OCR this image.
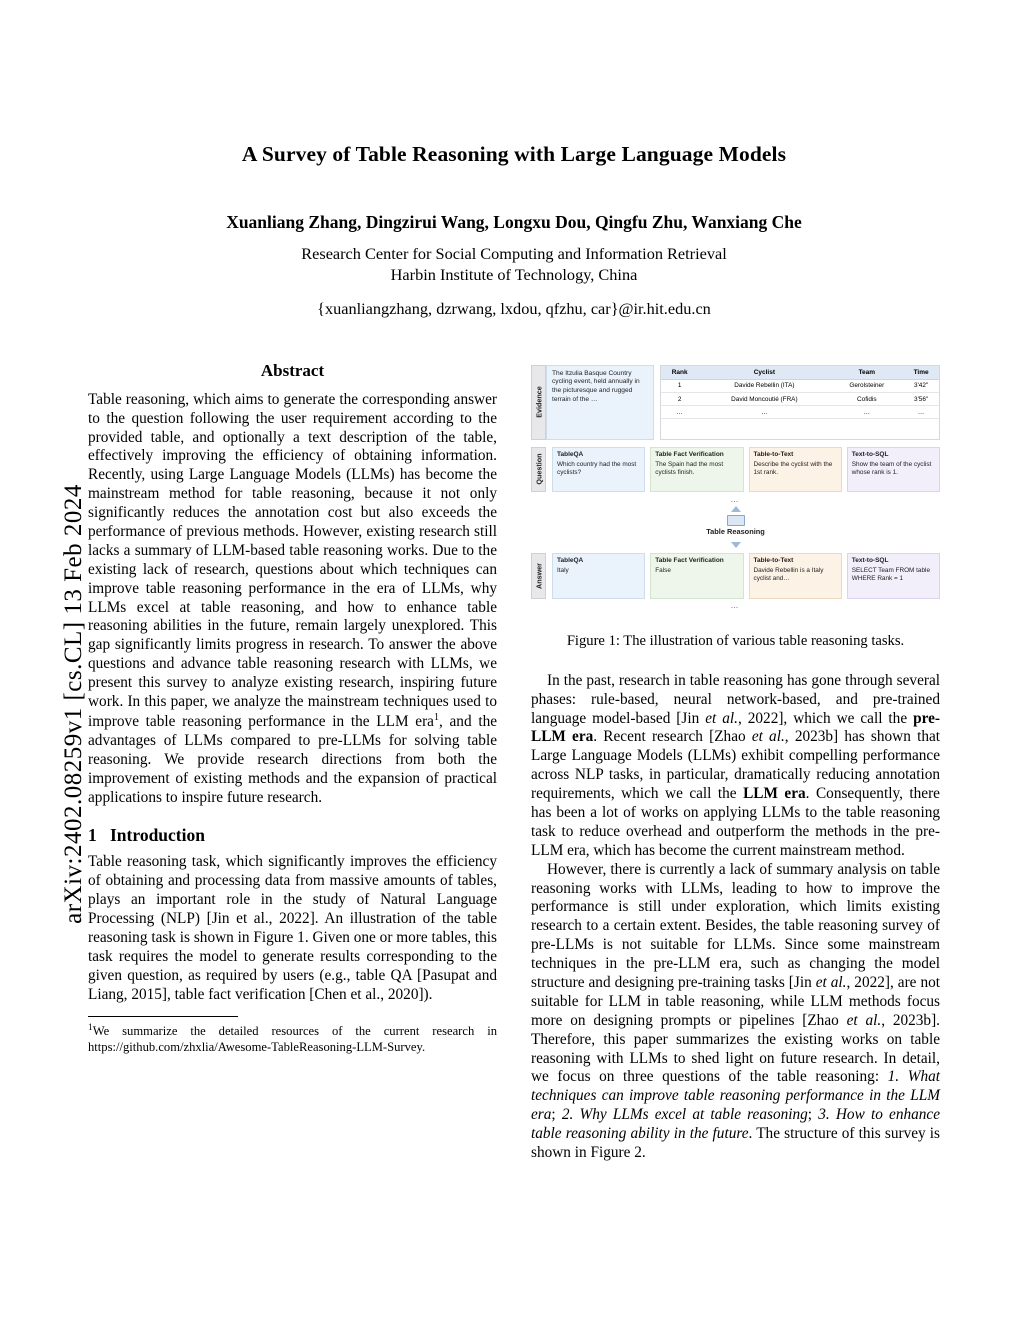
arXiv:2402.08259v1 [cs.CL] 13 Feb 2024
A Survey of Table Reasoning with Large Language Models
Xuanliang Zhang, Dingzirui Wang, Longxu Dou, Qingfu Zhu, Wanxiang Che
Research Center for Social Computing and Information Retrieval
Harbin Institute of Technology, China
{xuanliangzhang, dzrwang, lxdou, qfzhu, car}@ir.hit.edu.cn
Abstract

Table reasoning, which aims to generate the corresponding answer to the question following the user requirement according to the provided table, and optionally a text description of the table, effectively improving the efficiency of obtaining information. Recently, using Large Language Models (LLMs) has become the mainstream method for table reasoning, because it not only significantly reduces the annotation cost but also exceeds the performance of previous methods. However, existing research still lacks a summary of LLM-based table reasoning works. Due to the existing lack of research, questions about which techniques can improve table reasoning performance in the era of LLMs, why LLMs excel at table reasoning, and how to enhance table reasoning abilities in the future, remain largely unexplored. This gap significantly limits progress in research. To answer the above questions and advance table reasoning research with LLMs, we present this survey to analyze existing research, inspiring future work. In this paper, we analyze the mainstream techniques used to improve table reasoning performance in the LLM era$^1$, and the advantages of LLMs compared to pre-LLMs for solving table reasoning. We provide research directions from both the improvement of existing methods and the expansion of practical applications to inspire future research.

1 Introduction

Table reasoning task, which significantly improves the efficiency of obtaining and processing data from massive amounts of tables, plays an important role in the study of Natural Language Processing (NLP) [Jin et al., 2022]. An illustration of the table reasoning task is shown in Figure 1. Given one or more tables, this task requires the model to generate results corresponding to the given question, as required by users (e.g., table QA [Pasupat and Liang, 2015], table fact verification [Chen et al., 2020]).

$^1$We summarize the detailed resources of the current research in https://github.com/zhxlia/Awesome-TableReasoning-LLM-Survey.
Evidence
The Itzulia Basque Country cycling event, held annually in the picturesque and rugged terrain of the …
Rank	Cyclist	Team	Time
1	Davide Rebellin (ITA)	Gerolsteiner	3'42"
2	David Moncoutié (FRA)	Cofidis	3'56"
…	…	…	…
Question TableQA
Which country had the most cyclists?
Table Fact Verification
The Spain had the most cyclists finish.
Table-to-Text
Describe the cyclist with the 1st rank.
Text-to-SQL
Show the team of the cyclist whose rank is 1.
…
Table Reasoning
Answer
TableQA
Italy
Table Fact Verification
False
Table-to-Text
Davide Rebellin is a Italy cyclist and…
Text-to-SQL
SELECT Team FROM table WHERE Rank = 1
…
Figure 1: The illustration of various table reasoning tasks.

In the past, research in table reasoning has gone through several phases: rule-based, neural network-based, and pre-trained language model-based [Jin et al., 2022], which we call the pre-LLM era. Recent research [Zhao et al., 2023b] has shown that Large Language Models (LLMs) exhibit compelling performance across NLP tasks, in particular, dramatically reducing annotation requirements, which we call the LLM era. Consequently, there has been a lot of works on applying LLMs to the table reasoning task to reduce overhead and outperform the methods in the pre-LLM era, which has become the current mainstream method.

However, there is currently a lack of summary analysis on table reasoning works with LLMs, leading to how to improve the performance is still under exploration, which limits existing research to a certain extent. Besides, the table reasoning survey of pre-LLMs is not suitable for LLMs. Since some mainstream techniques in the pre-LLM era, such as changing the model structure and designing pre-training tasks [Jin et al., 2022], are not suitable for LLM in table reasoning, while LLM methods focus more on designing prompts or pipelines [Zhao et al., 2023b]. Therefore, this paper summarizes the existing works on table reasoning with LLMs to shed light on future research. In detail, we focus on three questions of the table reasoning: 1. What techniques can improve table reasoning performance in the LLM era; 2. Why LLMs excel at table reasoning; 3. How to enhance table reasoning ability in the future. The structure of this survey is shown in Figure 2.
